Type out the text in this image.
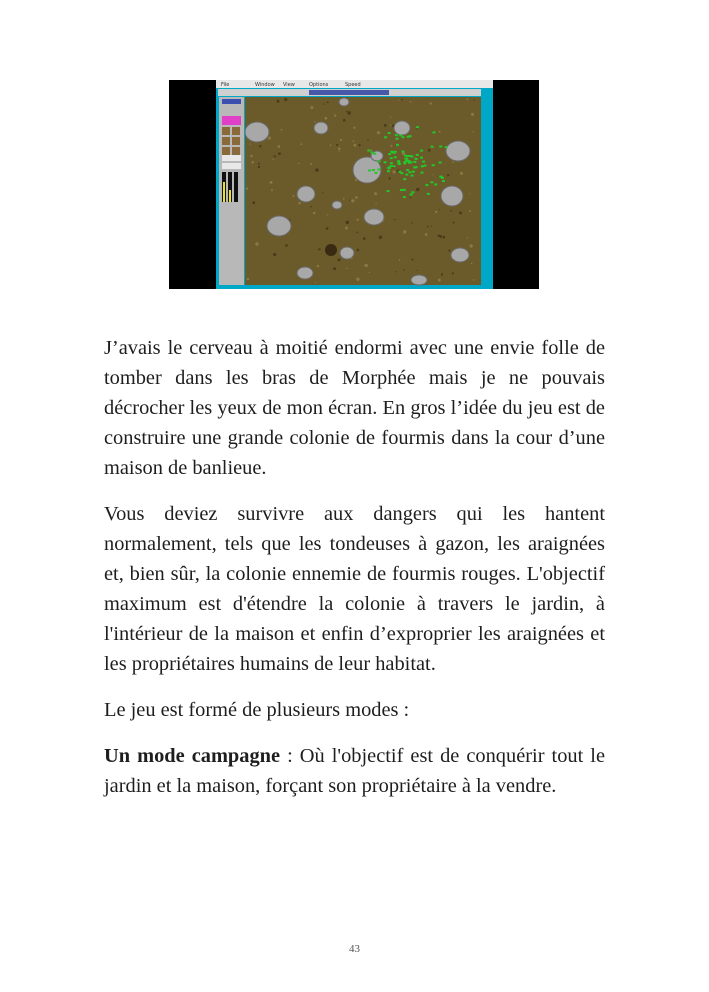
File	Window View	Options	Speed

J’avais le cerveau à moitié endormi avec une envie folle de tomber dans les bras de Morphée mais je ne pouvais décrocher les yeux de mon écran. En gros l’idée du jeu est de construire une grande colonie de fourmis dans la cour d’une maison de banlieue.

Vous deviez survivre aux dangers qui les hantent normalement, tels que les tondeuses à gazon, les araignées et, bien sûr, la colonie ennemie de fourmis rouges. L'objectif maximum est d'étendre la colonie à travers le jardin, à l'intérieur de la maison et enfin d’exproprier les araignées et les propriétaires humains de leur habitat.

Le jeu est formé de plusieurs modes :

Un mode campagne : Où l'objectif est de conquérir tout le jardin et la maison, forçant son propriétaire à la vendre.

43
